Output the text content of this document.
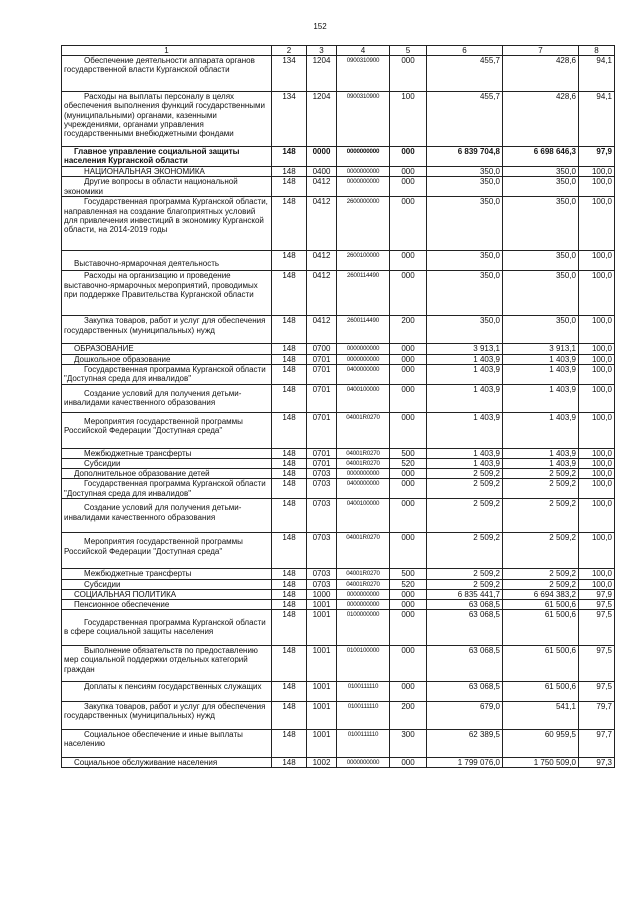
152
1	2	3	4	5	6	7	8
Обеспечение деятельности аппарата органов государственной власти Курганской области	134	1204	0900310900	000	455,7	428,6	94,1
Расходы на выплаты персоналу в целях обеспечения выполнения функций государственными (муниципальными) органами, казенными учреждениями, органами управления государственными внебюджетными фондами	134	1204	0900310900	100	455,7	428,6	94,1
Главное управление социальной защиты населения Курганской области	148	0000	0000000000	000	6 839 704,8	6 698 646,3	97,9
НАЦИОНАЛЬНАЯ ЭКОНОМИКА	148	0400	0000000000	000	350,0	350,0	100,0
Другие вопросы в области национальной экономики	148	0412	0000000000	000	350,0	350,0	100,0
Государственная программа Курганской области, направленная на создание благоприятных условий для привлечения инвестиций в экономику Курганской области, на 2014-2019 годы	148	0412	2600000000	000	350,0	350,0	100,0
Выставочно-ярмарочная деятельность	148	0412	2600100000	000	350,0	350,0	100,0
Расходы на организацию и проведение выставочно-ярмарочных мероприятий, проводимых при поддержке Правительства Курганской области	148	0412	2600114490	000	350,0	350,0	100,0
Закупка товаров, работ и услуг для обеспечения государственных (муниципальных) нужд	148	0412	2600114490	200	350,0	350,0	100,0
ОБРАЗОВАНИЕ	148	0700	0000000000	000	3 913,1	3 913,1	100,0
Дошкольное образование	148	0701	0000000000	000	1 403,9	1 403,9	100,0
Государственная программа Курганской области "Доступная среда для инвалидов"	148	0701	0400000000	000	1 403,9	1 403,9	100,0
Создание условий для получения детьми-инвалидами качественного образования	148	0701	0400100000	000	1 403,9	1 403,9	100,0
Мероприятия государственной программы Российской Федерации "Доступная среда"	148	0701	04001R0270	000	1 403,9	1 403,9	100,0
Межбюджетные трансферты	148	0701	04001R0270	500	1 403,9	1 403,9	100,0
Субсидии	148	0701	04001R0270	520	1 403,9	1 403,9	100,0
Дополнительное образование детей	148	0703	0000000000	000	2 509,2	2 509,2	100,0
Государственная программа Курганской области "Доступная среда для инвалидов"	148	0703	0400000000	000	2 509,2	2 509,2	100,0
Создание условий для получения детьми-инвалидами качественного образования	148	0703	0400100000	000	2 509,2	2 509,2	100,0
Мероприятия государственной программы Российской Федерации "Доступная среда"	148	0703	04001R0270	000	2 509,2	2 509,2	100,0
Межбюджетные трансферты	148	0703	04001R0270	500	2 509,2	2 509,2	100,0
Субсидии	148	0703	04001R0270	520	2 509,2	2 509,2	100,0
СОЦИАЛЬНАЯ ПОЛИТИКА	148	1000	0000000000	000	6 835 441,7	6 694 383,2	97,9
Пенсионное обеспечение	148	1001	0000000000	000	63 068,5	61 500,6	97,5
Государственная программа Курганской области в сфере социальной защиты населения	148	1001	0100000000	000	63 068,5	61 500,6	97,5
Выполнение обязательств по предоставлению мер социальной поддержки отдельных категорий граждан	148	1001	0100100000	000	63 068,5	61 500,6	97,5
Доплаты к пенсиям государственных служащих	148	1001	0100111110	000	63 068,5	61 500,6	97,5
Закупка товаров, работ и услуг для обеспечения государственных (муниципальных) нужд	148	1001	0100111110	200	679,0	541,1	79,7
Социальное обеспечение и иные выплаты населению	148	1001	0100111110	300	62 389,5	60 959,5	97,7
Социальное обслуживание населения	148	1002	0000000000	000	1 799 076,0	1 750 509,0	97,3
